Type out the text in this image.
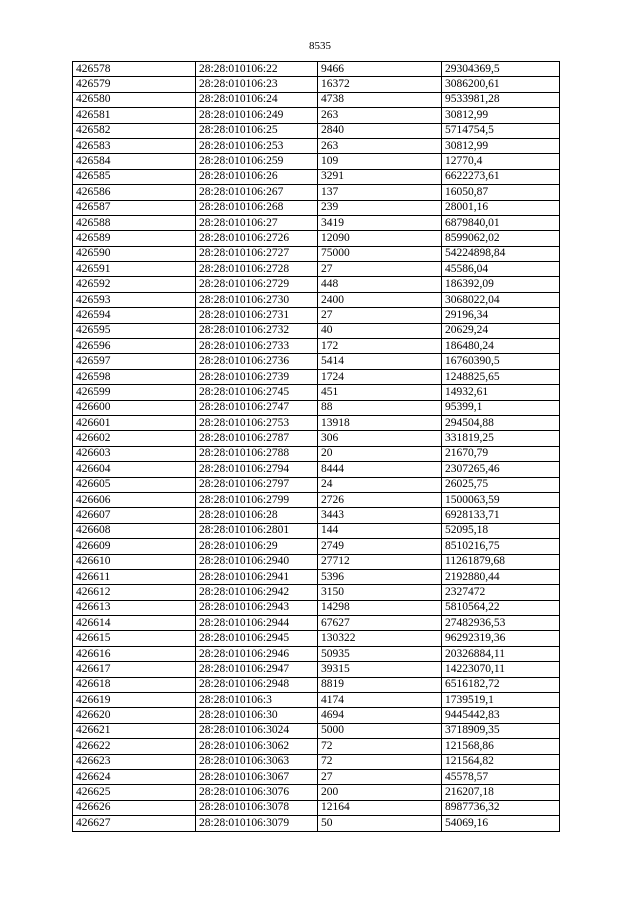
8535
426578	28:28:010106:22	9466	29304369,5
426579	28:28:010106:23	16372	3086200,61
426580	28:28:010106:24	4738	9533981,28
426581	28:28:010106:249	263	30812,99
426582	28:28:010106:25	2840	5714754,5
426583	28:28:010106:253	263	30812,99
426584	28:28:010106:259	109	12770,4
426585	28:28:010106:26	3291	6622273,61
426586	28:28:010106:267	137	16050,87
426587	28:28:010106:268	239	28001,16
426588	28:28:010106:27	3419	6879840,01
426589	28:28:010106:2726	12090	8599062,02
426590	28:28:010106:2727	75000	54224898,84
426591	28:28:010106:2728	27	45586,04
426592	28:28:010106:2729	448	186392,09
426593	28:28:010106:2730	2400	3068022,04
426594	28:28:010106:2731	27	29196,34
426595	28:28:010106:2732	40	20629,24
426596	28:28:010106:2733	172	186480,24
426597	28:28:010106:2736	5414	16760390,5
426598	28:28:010106:2739	1724	1248825,65
426599	28:28:010106:2745	451	14932,61
426600	28:28:010106:2747	88	95399,1
426601	28:28:010106:2753	13918	294504,88
426602	28:28:010106:2787	306	331819,25
426603	28:28:010106:2788	20	21670,79
426604	28:28:010106:2794	8444	2307265,46
426605	28:28:010106:2797	24	26025,75
426606	28:28:010106:2799	2726	1500063,59
426607	28:28:010106:28	3443	6928133,71
426608	28:28:010106:2801	144	52095,18
426609	28:28:010106:29	2749	8510216,75
426610	28:28:010106:2940	27712	11261879,68
426611	28:28:010106:2941	5396	2192880,44
426612	28:28:010106:2942	3150	2327472
426613	28:28:010106:2943	14298	5810564,22
426614	28:28:010106:2944	67627	27482936,53
426615	28:28:010106:2945	130322	96292319,36
426616	28:28:010106:2946	50935	20326884,11
426617	28:28:010106:2947	39315	14223070,11
426618	28:28:010106:2948	8819	6516182,72
426619	28:28:010106:3	4174	1739519,1
426620	28:28:010106:30	4694	9445442,83
426621	28:28:010106:3024	5000	3718909,35
426622	28:28:010106:3062	72	121568,86
426623	28:28:010106:3063	72	121564,82
426624	28:28:010106:3067	27	45578,57
426625	28:28:010106:3076	200	216207,18
426626	28:28:010106:3078	12164	8987736,32
426627	28:28:010106:3079	50	54069,16
